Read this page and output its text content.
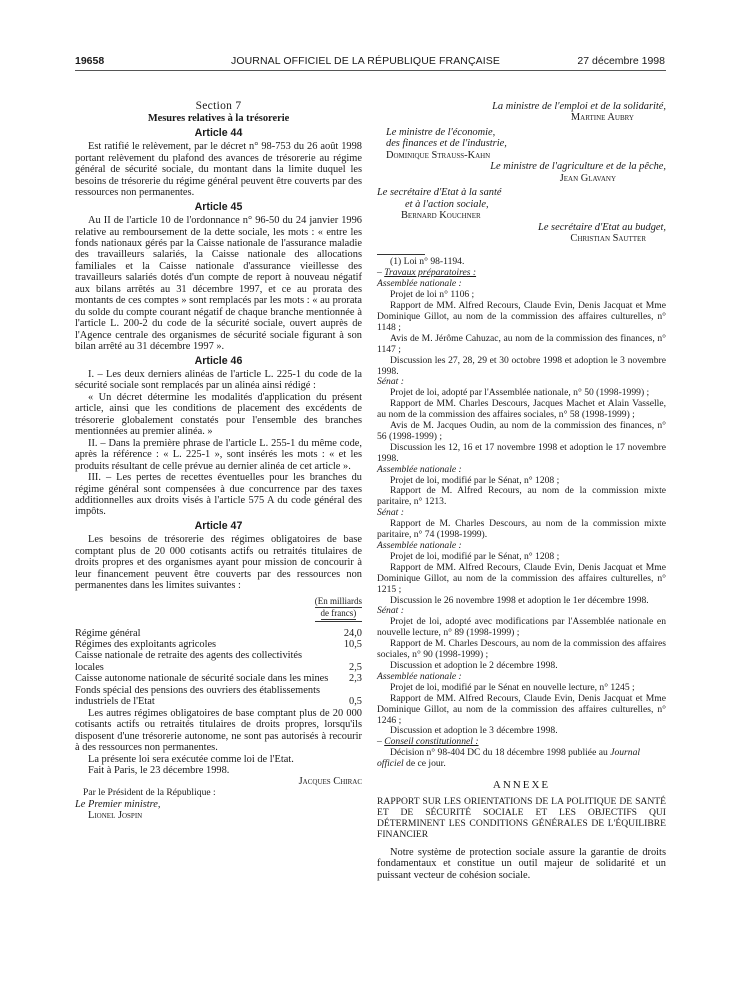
JOURNAL OFFICIEL DE LA RÉPUBLIQUE FRANÇAISE
19658	27 décembre 1998
Section 7
Mesures relatives à la trésorerie
Article 44

Est ratifié le relèvement, par le décret n° 98-753 du 26 août 1998 portant relèvement du plafond des avances de trésorerie au régime général de sécurité sociale, du montant dans la limite duquel les besoins de trésorerie du régime général peuvent être couverts par des ressources non permanentes.

Article 45

Au II de l'article 10 de l'ordonnance n° 96-50 du 24 janvier 1996 relative au remboursement de la dette sociale, les mots : « entre les fonds nationaux gérés par la Caisse nationale de l'assurance maladie des travailleurs salariés, la Caisse nationale des allocations familiales et la Caisse nationale d'assurance vieillesse des travailleurs salariés dotés d'un compte de report à nouveau négatif aux bilans arrêtés au 31 décembre 1997, et ce au prorata des montants de ces comptes » sont remplacés par les mots : « au prorata du solde du compte courant négatif de chaque branche mentionnée à l'article L. 200-2 du code de la sécurité sociale, ouvert auprès de l'Agence centrale des organismes de sécurité sociale figurant à son bilan arrêté au 31 décembre 1997 ».

Article 46

I. – Les deux derniers alinéas de l'article L. 225-1 du code de la sécurité sociale sont remplacés par un alinéa ainsi rédigé :

« Un décret détermine les modalités d'application du présent article, ainsi que les conditions de placement des excédents de trésorerie globalement constatés pour l'ensemble des branches mentionnées au premier alinéa. »

II. – Dans la première phrase de l'article L. 255-1 du même code, après la référence : « L. 225-1 », sont insérés les mots : « et les produits résultant de celle prévue au dernier alinéa de cet article ».

III. – Les pertes de recettes éventuelles pour les branches du régime général sont compensées à due concurrence par des taxes additionnelles aux droits visés à l'article 575 A du code général des impôts.

Article 47

Les besoins de trésorerie des régimes obligatoires de base comptant plus de 20 000 cotisants actifs ou retraités titulaires de droits propres et des organismes ayant pour mission de concourir à leur financement peuvent être couverts par des ressources non permanentes dans les limites suivantes :

(En milliards
de francs)
Régime général	24,0
Régimes des exploitants agricoles	10,5
Caisse nationale de retraite des agents des collectivités locales	2,5
Caisse autonome nationale de sécurité sociale dans les mines	2,3
Fonds spécial des pensions des ouvriers des établissements industriels de l'Etat	0,5

Les autres régimes obligatoires de base comptant plus de 20 000 cotisants actifs ou retraités titulaires de droits propres, lorsqu'ils disposent d'une trésorerie autonome, ne sont pas autorisés à recourir à des ressources non permanentes.

La présente loi sera exécutée comme loi de l'Etat.

Fait à Paris, le 23 décembre 1998.

Jacques Chirac
Par le Président de la République :
Le Premier ministre,
Lionel Jospin
La ministre de l'emploi et de la solidarité,
Martine Aubry
Le ministre de l'économie,
des finances et de l'industrie,
Dominique Strauss-Kahn
Le ministre de l'agriculture et de la pêche,
Jean Glavany
Le secrétaire d'Etat à la santé
et à l'action sociale,
Bernard Kouchner
Le secrétaire d'Etat au budget,
Christian Sautter

(1) Loi n° 98-1194.

– Travaux préparatoires :

Assemblée nationale :

Projet de loi n° 1106 ;

Rapport de MM. Alfred Recours, Claude Evin, Denis Jacquat et Mme Dominique Gillot, au nom de la commission des affaires culturelles, n° 1148 ;

Avis de M. Jérôme Cahuzac, au nom de la commission des finances, n° 1147 ;

Discussion les 27, 28, 29 et 30 octobre 1998 et adoption le 3 novembre 1998.

Sénat :

Projet de loi, adopté par l'Assemblée nationale, n° 50 (1998-1999) ;

Rapport de MM. Charles Descours, Jacques Machet et Alain Vasselle, au nom de la commission des affaires sociales, n° 58 (1998-1999) ;

Avis de M. Jacques Oudin, au nom de la commission des finances, n° 56 (1998-1999) ;

Discussion les 12, 16 et 17 novembre 1998 et adoption le 17 novembre 1998.

Assemblée nationale :

Projet de loi, modifié par le Sénat, n° 1208 ;

Rapport de M. Alfred Recours, au nom de la commission mixte paritaire, n° 1213.

Sénat :

Rapport de M. Charles Descours, au nom de la commission mixte paritaire, n° 74 (1998-1999).

Assemblée nationale :

Projet de loi, modifié par le Sénat, n° 1208 ;

Rapport de MM. Alfred Recours, Claude Evin, Denis Jacquat et Mme Dominique Gillot, au nom de la commission des affaires culturelles, n° 1215 ;

Discussion le 26 novembre 1998 et adoption le 1er décembre 1998.

Sénat :

Projet de loi, adopté avec modifications par l'Assemblée nationale en nouvelle lecture, n° 89 (1998-1999) ;

Rapport de M. Charles Descours, au nom de la commission des affaires sociales, n° 90 (1998-1999) ;

Discussion et adoption le 2 décembre 1998.

Assemblée nationale :

Projet de loi, modifié par le Sénat en nouvelle lecture, n° 1245 ;

Rapport de MM. Alfred Recours, Claude Evin, Denis Jacquat et Mme Dominique Gillot, au nom de la commission des affaires culturelles, n° 1246 ;

Discussion et adoption le 3 décembre 1998.

– Conseil constitutionnel :

Décision n° 98-404 DC du 18 décembre 1998 publiée au Journal officiel de ce jour.

ANNEXE
RAPPORT SUR LES ORIENTATIONS DE LA POLITIQUE DE SANTÉ ET DE SÉCURITÉ SOCIALE ET LES OBJECTIFS QUI DÉTERMINENT LES CONDITIONS GÉNÉRALES DE L'ÉQUILIBRE FINANCIER

Notre système de protection sociale assure la garantie de droits fondamentaux et constitue un outil majeur de solidarité et un puissant vecteur de cohésion sociale.
